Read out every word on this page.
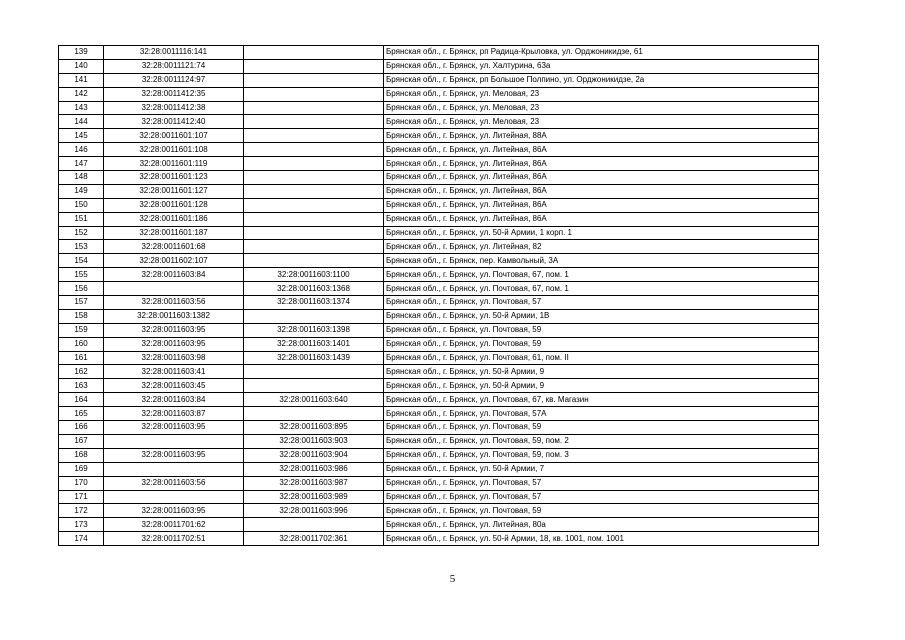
139	32:28:0011116:141		Брянская обл., г. Брянск, рп Радица-Крыловка, ул. Орджоникидзе, 61
140	32:28:0011121:74		Брянская обл., г. Брянск, ул. Халтурина, 63а
141	32:28:0011124:97		Брянская обл., г. Брянск, рп Большое Полпино, ул. Орджоникидзе, 2а
142	32:28:0011412:35		Брянская обл., г. Брянск, ул. Меловая, 23
143	32:28:0011412:38		Брянская обл., г. Брянск, ул. Меловая, 23
144	32:28:0011412:40		Брянская обл., г. Брянск, ул. Меловая, 23
145	32:28:0011601:107		Брянская обл., г. Брянск, ул. Литейная, 88А
146	32:28:0011601:108		Брянская обл., г. Брянск, ул. Литейная, 86А
147	32:28:0011601:119		Брянская обл., г. Брянск, ул. Литейная, 86А
148	32:28:0011601:123		Брянская обл., г. Брянск, ул. Литейная, 86А
149	32:28:0011601:127		Брянская обл., г. Брянск, ул. Литейная, 86А
150	32:28:0011601:128		Брянская обл., г. Брянск, ул. Литейная, 86А
151	32:28:0011601:186		Брянская обл., г. Брянск, ул. Литейная, 86А
152	32:28:0011601:187		Брянская обл., г. Брянск, ул. 50-й Армии, 1 корп. 1
153	32:28:0011601:68		Брянская обл., г. Брянск, ул. Литейная, 82
154	32:28:0011602:107		Брянская обл., г. Брянск, пер. Камвольный, 3А
155	32:28:0011603:84	32:28:0011603:1100	Брянская обл., г. Брянск, ул. Почтовая, 67, пом. 1
156		32:28:0011603:1368	Брянская обл., г. Брянск, ул. Почтовая, 67, пом. 1
157	32:28:0011603:56	32:28:0011603:1374	Брянская обл., г. Брянск, ул. Почтовая, 57
158	32:28:0011603:1382		Брянская обл., г. Брянск, ул. 50-й Армии, 1В
159	32:28:0011603:95	32:28:0011603:1398	Брянская обл., г. Брянск, ул. Почтовая, 59
160	32:28:0011603:95	32:28:0011603:1401	Брянская обл., г. Брянск, ул. Почтовая, 59
161	32:28:0011603:98	32:28:0011603:1439	Брянская обл., г. Брянск, ул. Почтовая, 61, пом. II
162	32:28:0011603:41		Брянская обл., г. Брянск, ул. 50-й Армии, 9
163	32:28:0011603:45		Брянская обл., г. Брянск, ул. 50-й Армии, 9
164	32:28:0011603:84	32:28:0011603:640	Брянская обл., г. Брянск, ул. Почтовая, 67, кв. Магазин
165	32:28:0011603:87		Брянская обл., г. Брянск, ул. Почтовая, 57А
166	32:28:0011603:95	32:28:0011603:895	Брянская обл., г. Брянск, ул. Почтовая, 59
167		32:28:0011603:903	Брянская обл., г. Брянск, ул. Почтовая, 59, пом. 2
168	32:28:0011603:95	32:28:0011603:904	Брянская обл., г. Брянск, ул. Почтовая, 59, пом. 3
169		32:28:0011603:986	Брянская обл., г. Брянск, ул. 50-й Армии, 7
170	32:28:0011603:56	32:28:0011603:987	Брянская обл., г. Брянск, ул. Почтовая, 57
171		32:28:0011603:989	Брянская обл., г. Брянск, ул. Почтовая, 57
172	32:28:0011603:95	32:28:0011603:996	Брянская обл., г. Брянск, ул. Почтовая, 59
173	32:28:0011701:62		Брянская обл., г. Брянск, ул. Литейная, 80а
174	32:28:0011702:51	32:28:0011702:361	Брянская обл., г. Брянск, ул. 50-й Армии, 18, кв. 1001, пом. 1001
5
